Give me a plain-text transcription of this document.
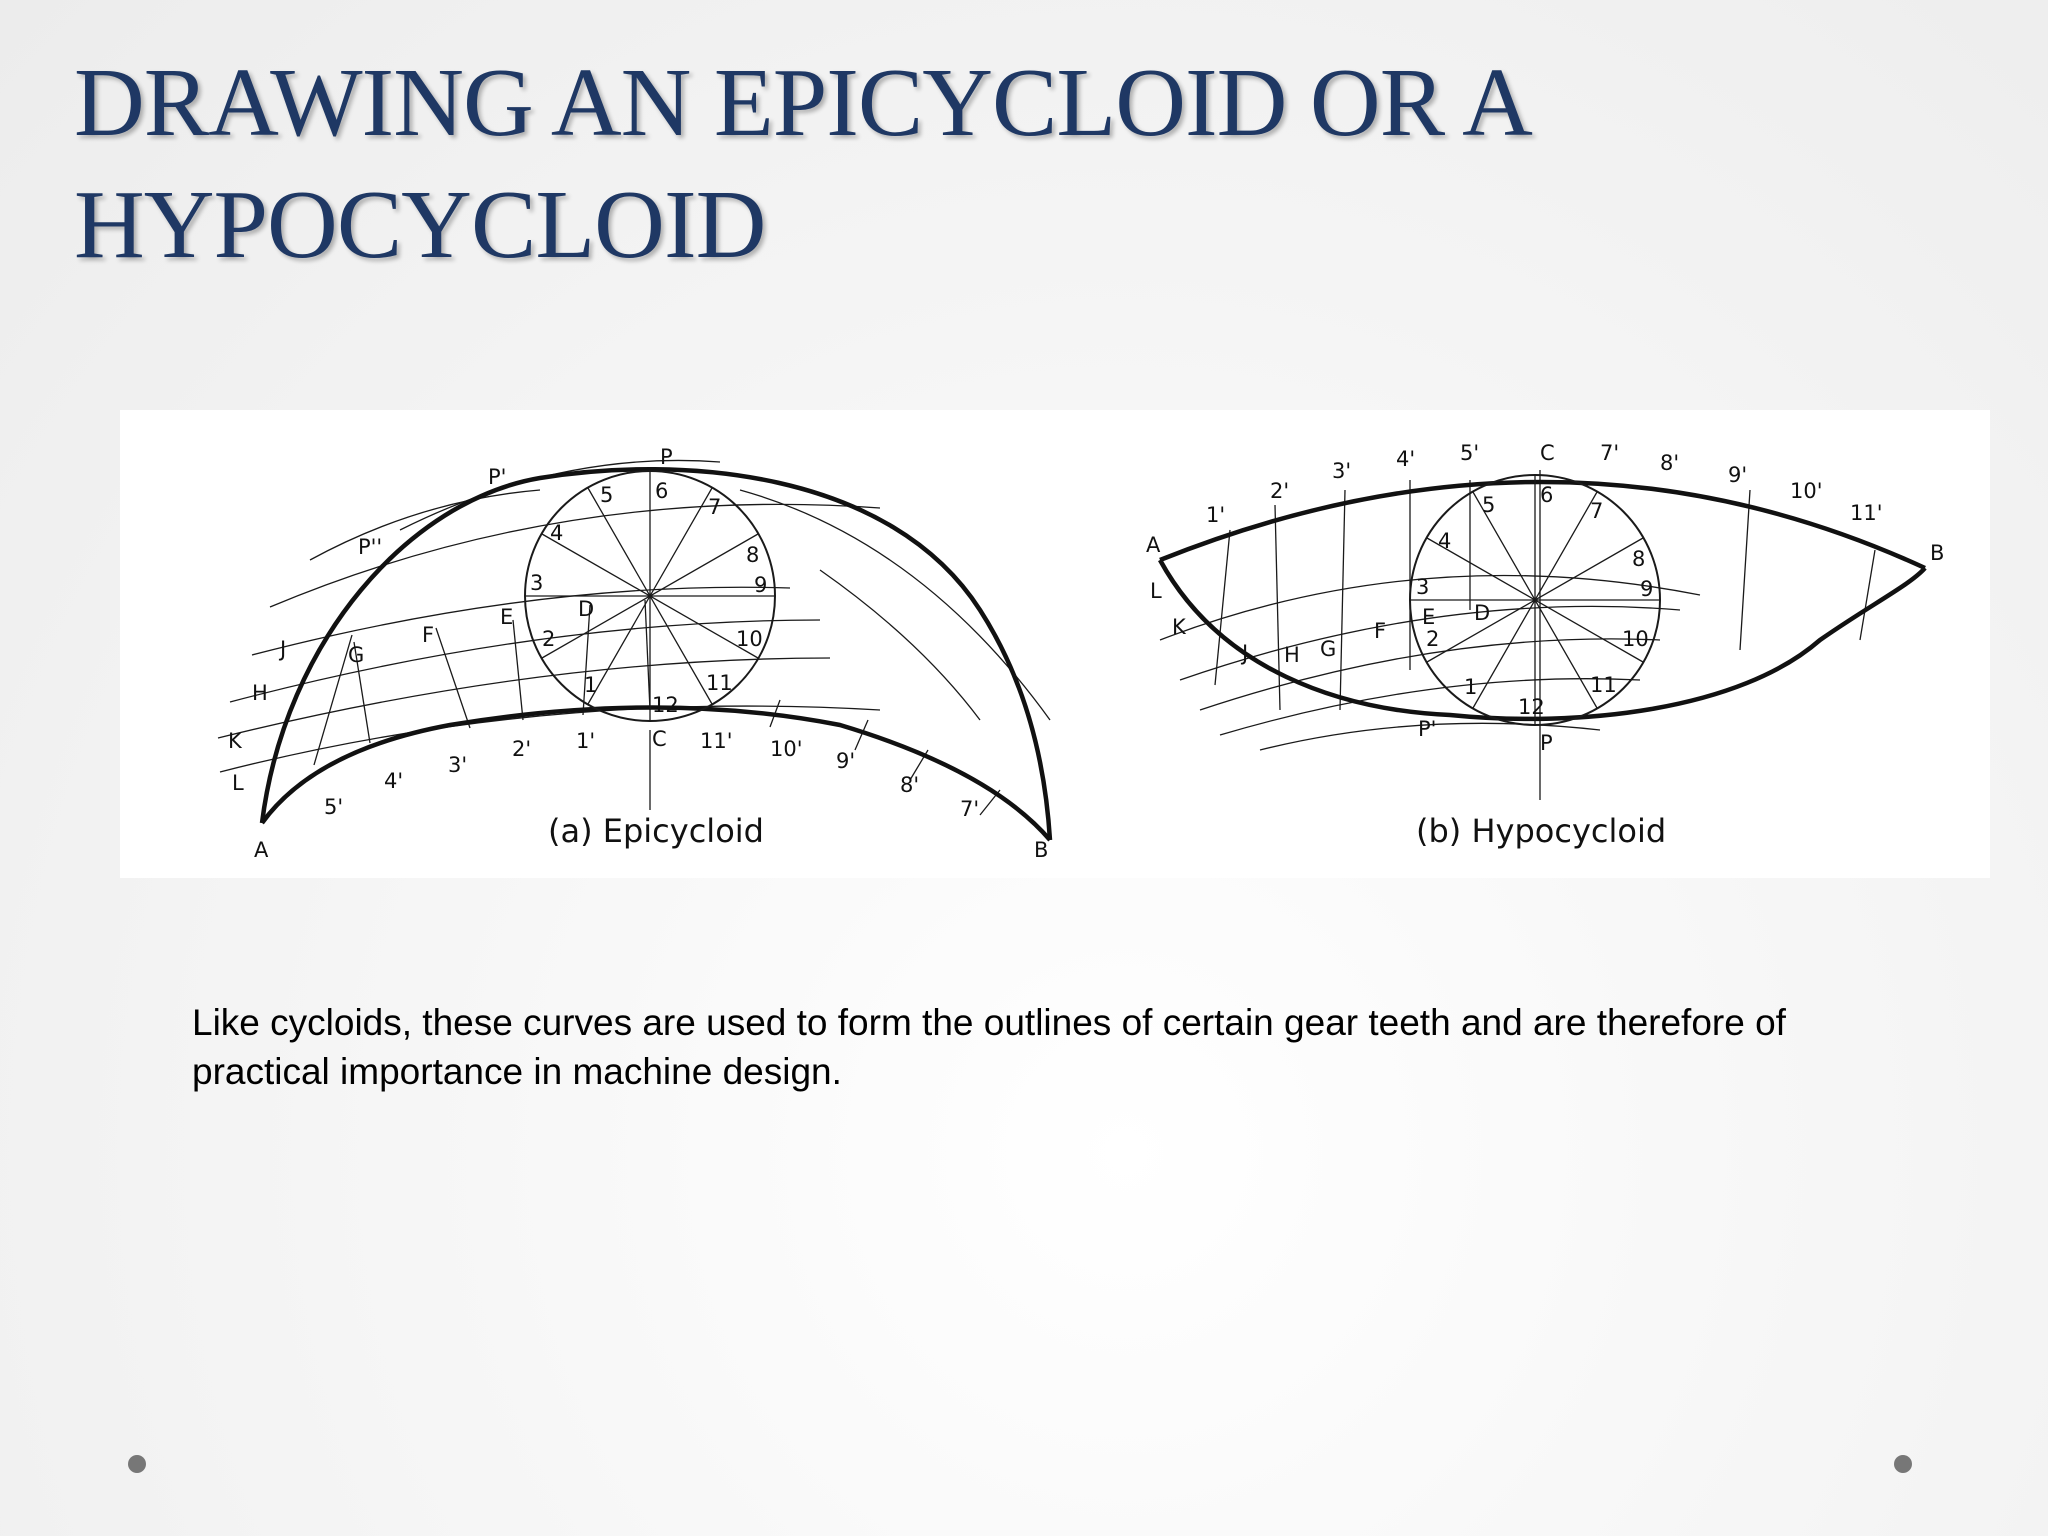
DRAWING AN EPICYCLOID OR A HYPOCYCLOID
1
2
3
4
5 6
7
8
9
10
11
12
P
P'
P''
A	B
C
D
E
F
G
H
J
K
L
1'
2'
3'
4'
5'	7'
8'
9'
10'
11'
(a) Epicycloid
1
2
3
4
5 6
7
8
9
10
11
12
C
P
P'
A	B
D
E
F
G
H
J
K
L
1'
2'
3' 4' 5'	7' 8' 9'
10'
11'
(b) Hypocycloid

Like cycloids, these curves are used to form the outlines of certain gear teeth and are therefore of practical importance in machine design.
